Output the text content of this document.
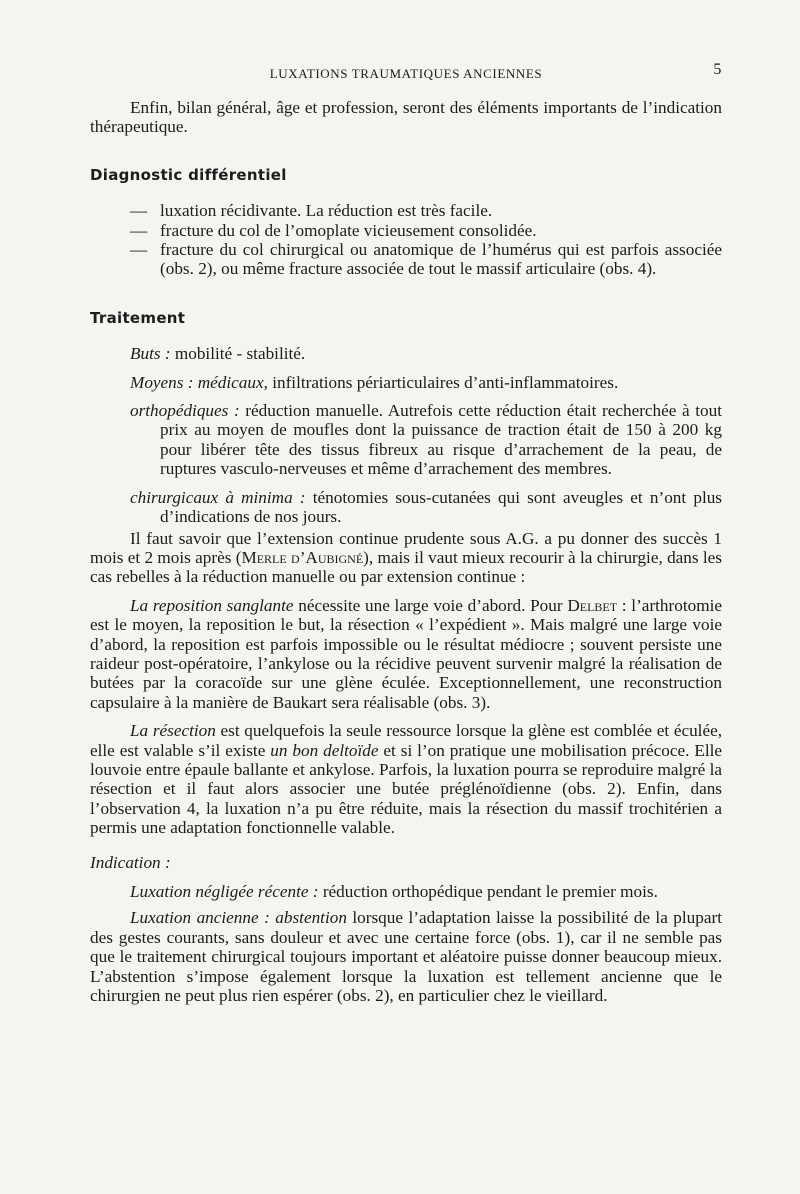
LUXATIONS TRAUMATIQUES ANCIENNES	5

Enfin, bilan général, âge et profession, seront des éléments importants de l’indication thérapeutique.

Diagnostic différentiel
— luxation récidivante. La réduction est très facile.
— fracture du col de l’omoplate vicieusement consolidée.
— fracture du col chirurgical ou anatomique de l’humérus qui est parfois associée (obs. 2), ou même fracture associée de tout le massif articulaire (obs. 4).
Traitement

Buts : mobilité - stabilité.

Moyens : médicaux, infiltrations périarticulaires d’anti-inflammatoires.

orthopédiques : réduction manuelle. Autrefois cette réduction était recherchée à tout prix au moyen de moufles dont la puissance de traction était de 150 à 200 kg pour libérer tête des tissus fibreux au risque d’arrachement de la peau, de ruptures vasculo-nerveuses et même d’arrachement des membres.

chirurgicaux à minima : ténotomies sous-cutanées qui sont aveugles et n’ont plus d’indications de nos jours.

Il faut savoir que l’extension continue prudente sous A.G. a pu donner des succès 1 mois et 2 mois après (Merle d’Aubigné), mais il vaut mieux recourir à la chirurgie, dans les cas rebelles à la réduction manuelle ou par extension continue :

La reposition sanglante nécessite une large voie d’abord. Pour Delbet : l’arthrotomie est le moyen, la reposition le but, la résection « l’expédient ». Mais malgré une large voie d’abord, la reposition est parfois impossible ou le résultat médiocre ; souvent persiste une raideur post-opératoire, l’ankylose ou la récidive peuvent survenir malgré la réalisation de butées par la coracoïde sur une glène éculée. Exceptionnellement, une reconstruction capsulaire à la manière de Baukart sera réalisable (obs. 3).

La résection est quelquefois la seule ressource lorsque la glène est comblée et éculée, elle est valable s’il existe un bon deltoïde et si l’on pratique une mobilisation précoce. Elle louvoie entre épaule ballante et ankylose. Parfois, la luxation pourra se reproduire malgré la résection et il faut alors associer une butée préglénoïdienne (obs. 2). Enfin, dans l’observation 4, la luxation n’a pu être réduite, mais la résection du massif trochitérien a permis une adaptation fonctionnelle valable.

Indication :

Luxation négligée récente : réduction orthopédique pendant le premier mois.

Luxation ancienne : abstention lorsque l’adaptation laisse la possibilité de la plupart des gestes courants, sans douleur et avec une certaine force (obs. 1), car il ne semble pas que le traitement chirurgical toujours important et aléatoire puisse donner beaucoup mieux. L’abstention s’impose également lorsque la luxation est tellement ancienne que le chirurgien ne peut plus rien espérer (obs. 2), en particulier chez le vieillard.
